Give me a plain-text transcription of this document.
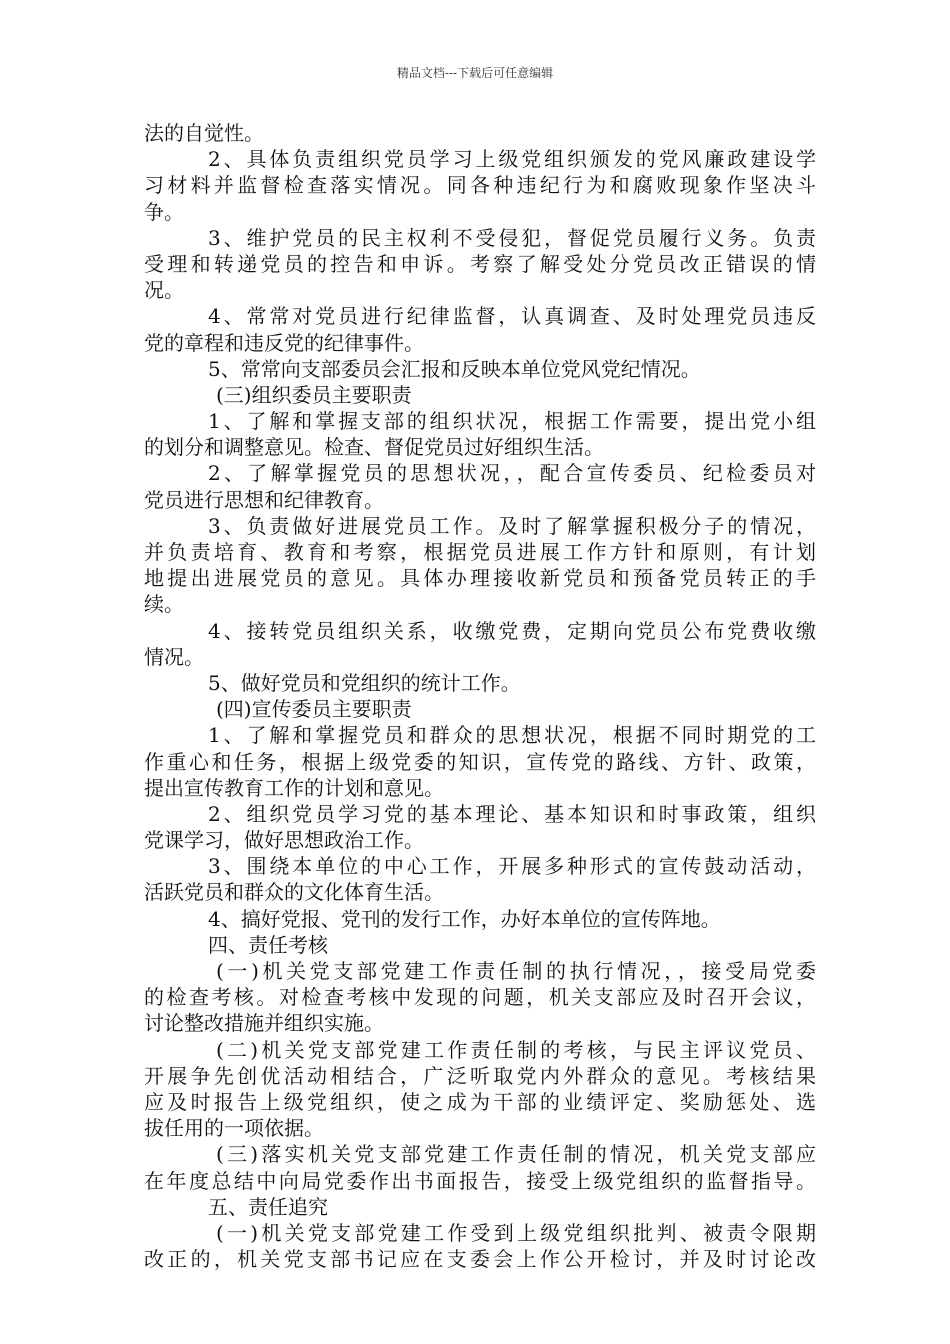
精品文档---下载后可任意编辑
法的自觉性。
2、具体负责组织党员学习上级党组织颁发的党风廉政建设学
习材料并监督检查落实情况。同各种违纪行为和腐败现象作坚决斗
争。
3、维护党员的民主权利不受侵犯，督促党员履行义务。负责
受理和转递党员的控告和申诉。考察了解受处分党员改正错误的情
况。
4、常常对党员进行纪律监督，认真调查、及时处理党员违反
党的章程和违反党的纪律事件。
5、常常向支部委员会汇报和反映本单位党风党纪情况。
(三)组织委员主要职责
1、了解和掌握支部的组织状况，根据工作需要，提出党小组
的划分和调整意见。检查、督促党员过好组织生活。
2、了解掌握党员的思想状况，，配合宣传委员、纪检委员对
党员进行思想和纪律教育。
3、负责做好进展党员工作。及时了解掌握积极分子的情况，
并负责培育、教育和考察，根据党员进展工作方针和原则，有计划
地提出进展党员的意见。具体办理接收新党员和预备党员转正的手
续。
4、接转党员组织关系，收缴党费，定期向党员公布党费收缴
情况。
5、做好党员和党组织的统计工作。
(四)宣传委员主要职责
1、了解和掌握党员和群众的思想状况，根据不同时期党的工
作重心和任务，根据上级党委的知识，宣传党的路线、方针、政策，
提出宣传教育工作的计划和意见。
2、组织党员学习党的基本理论、基本知识和时事政策，组织
党课学习，做好思想政治工作。
3、围绕本单位的中心工作，开展多种形式的宣传鼓动活动，
活跃党员和群众的文化体育生活。
4、搞好党报、党刊的发行工作，办好本单位的宣传阵地。
四、责任考核
(一)机关党支部党建工作责任制的执行情况，，接受局党委
的检查考核。对检查考核中发现的问题，机关支部应及时召开会议，
讨论整改措施并组织实施。
(二)机关党支部党建工作责任制的考核，与民主评议党员、
开展争先创优活动相结合，广泛听取党内外群众的意见。考核结果
应及时报告上级党组织，使之成为干部的业绩评定、奖励惩处、选
拔任用的一项依据。
(三)落实机关党支部党建工作责任制的情况，机关党支部应
在年度总结中向局党委作出书面报告，接受上级党组织的监督指导。
五、责任追究
(一)机关党支部党建工作受到上级党组织批判、被责令限期
改正的，机关党支部书记应在支委会上作公开检讨，并及时讨论改
